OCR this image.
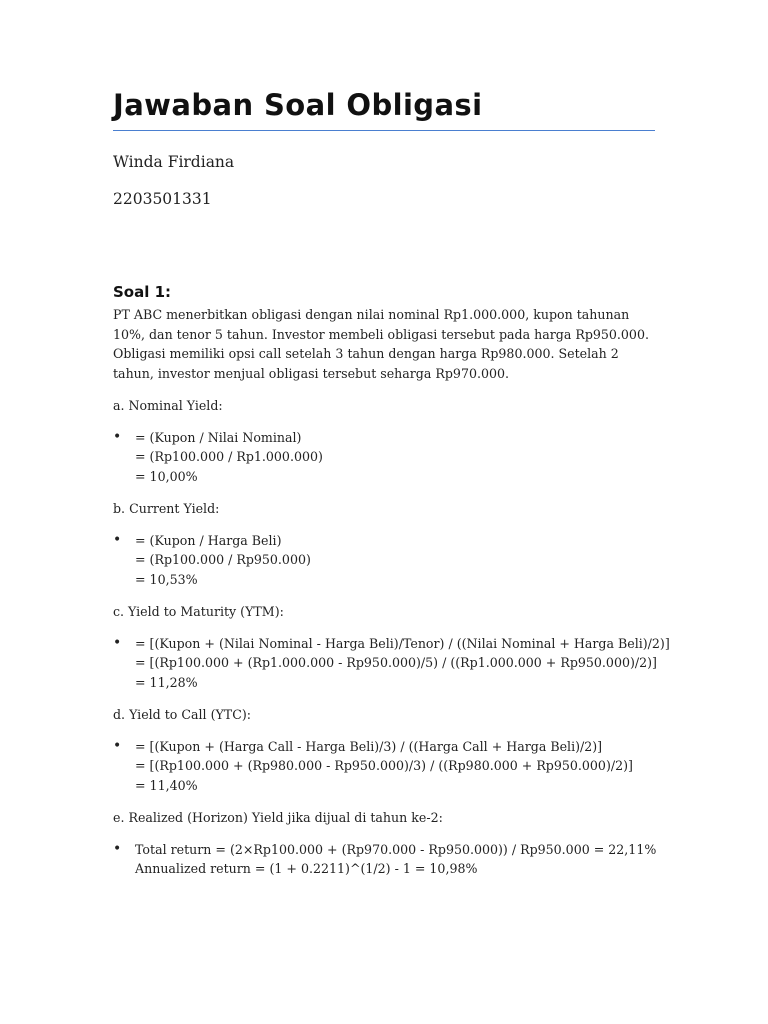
Jawaban Soal Obligasi
Winda Firdiana
2203501331
Soal 1:

PT ABC menerbitkan obligasi dengan nilai nominal Rp1.000.000, kupon tahunan 10%, dan tenor 5 tahun. Investor membeli obligasi tersebut pada harga Rp950.000. Obligasi memiliki opsi call setelah 3 tahun dengan harga Rp980.000. Setelah 2 tahun, investor menjual obligasi tersebut seharga Rp970.000.

a. Nominal Yield:

•	= (Kupon / Nilai Nominal)
= (Rp100.000 / Rp1.000.000)
= 10,00%

b. Current Yield:

•	= (Kupon / Harga Beli)
= (Rp100.000 / Rp950.000)
= 10,53%

c. Yield to Maturity (YTM):

•	= [(Kupon + (Nilai Nominal - Harga Beli)/Tenor) / ((Nilai Nominal + Harga Beli)/2)]
= [(Rp100.000 + (Rp1.000.000 - Rp950.000)/5) / ((Rp1.000.000 + Rp950.000)/2)]
= 11,28%

d. Yield to Call (YTC):

•	= [(Kupon + (Harga Call - Harga Beli)/3) / ((Harga Call + Harga Beli)/2)]
= [(Rp100.000 + (Rp980.000 - Rp950.000)/3) / ((Rp980.000 + Rp950.000)/2)]
= 11,40%

e. Realized (Horizon) Yield jika dijual di tahun ke-2:

•	Total return = (2×Rp100.000 + (Rp970.000 - Rp950.000)) / Rp950.000 = 22,11%
Annualized return = (1 + 0.2211)^(1/2) - 1 = 10,98%
